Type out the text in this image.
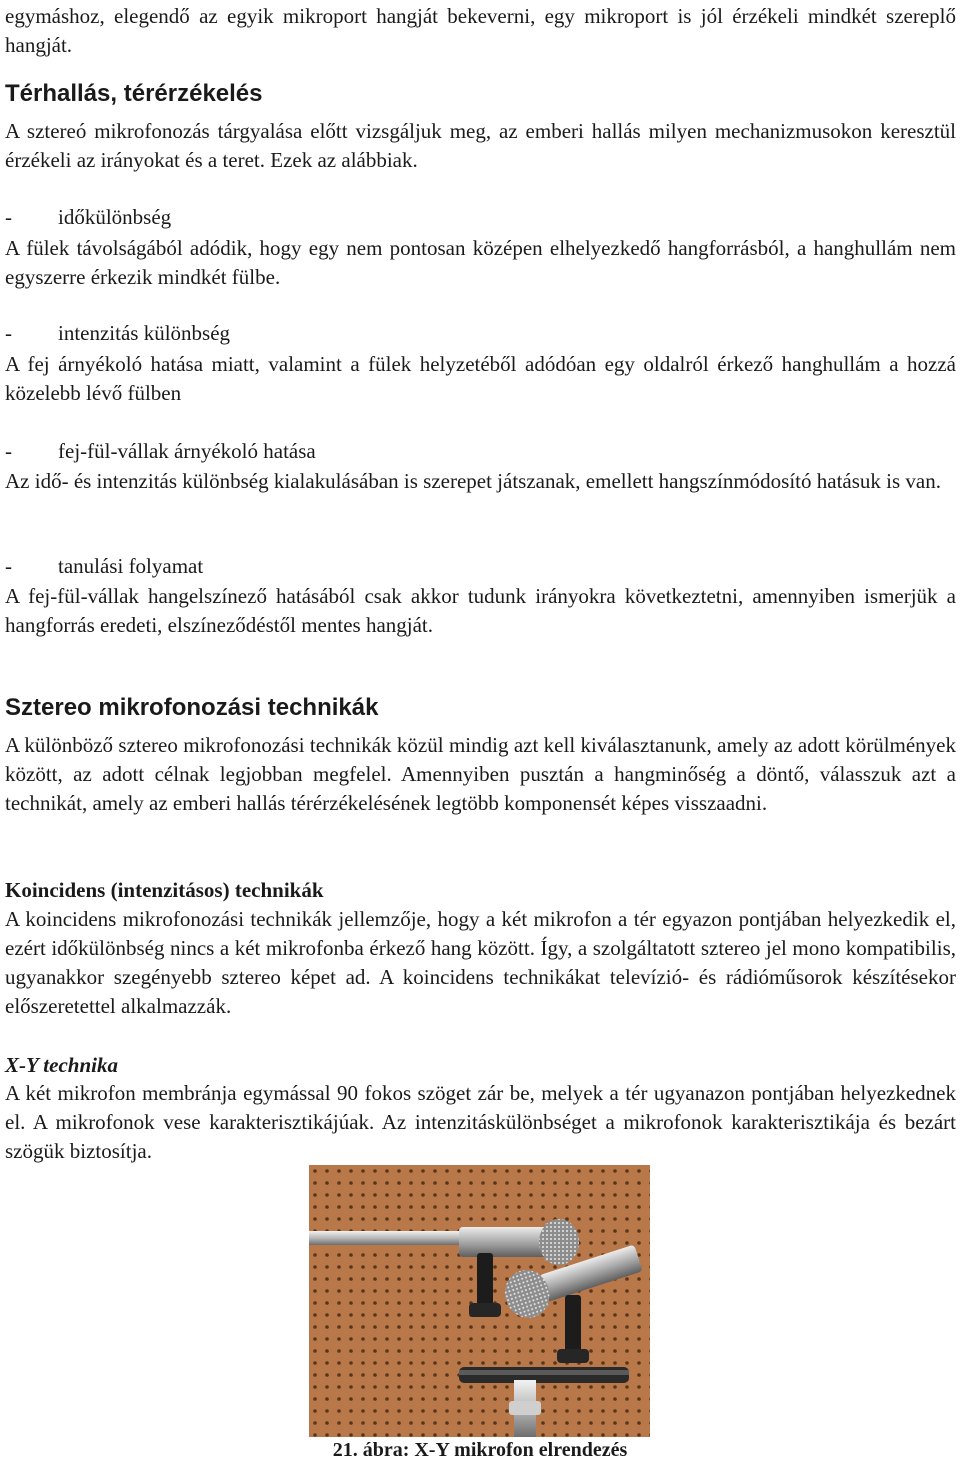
egymáshoz, elegendő az egyik mikroport hangját bekeverni, egy mikroport is jól érzékeli mindkét szereplő hangját.

Térhallás, térérzékelés

A sztereó mikrofonozás tárgyalása előtt vizsgáljuk meg, az emberi hallás milyen mechanizmusokon keresztül érzékeli az irányokat és a teret. Ezek az alábbiak.

- időkülönbség

A fülek távolságából adódik, hogy egy nem pontosan középen elhelyezkedő hangforrásból, a hanghullám nem egyszerre érkezik mindkét fülbe.

- intenzitás különbség

A fej árnyékoló hatása miatt, valamint a fülek helyzetéből adódóan egy oldalról érkező hanghullám a hozzá közelebb lévő fülben

- fej-fül-vállak árnyékoló hatása

Az idő- és intenzitás különbség kialakulásában is szerepet játszanak, emellett hangszínmódosító hatásuk is van.

- tanulási folyamat

A fej-fül-vállak hangelszínező hatásából csak akkor tudunk irányokra következtetni, amennyiben ismerjük a hangforrás eredeti, elszíneződéstől mentes hangját.

Sztereo mikrofonozási technikák

A különböző sztereo mikrofonozási technikák közül mindig azt kell kiválasztanunk, amely az adott körülmények között, az adott célnak legjobban megfelel. Amennyiben pusztán a hangminőség a döntő, válasszuk azt a technikát, amely az emberi hallás térérzékelésének legtöbb komponensét képes visszaadni.

Koincidens (intenzitásos) technikák

A koincidens mikrofonozási technikák jellemzője, hogy a két mikrofon a tér egyazon pontjában helyezkedik el, ezért időkülönbség nincs a két mikrofonba érkező hang között. Így, a szolgáltatott sztereo jel mono kompatibilis, ugyanakkor szegényebb sztereo képet ad. A koincidens technikákat televízió- és rádióműsorok készítésekor előszeretettel alkalmazzák.

X-Y technika

A két mikrofon membránja egymással 90 fokos szöget zár be, melyek a tér ugyanazon pontjában helyezkednek el. A mikrofonok vese karakterisztikájúak. Az intenzitáskülönbséget a mikrofonok karakterisztikája és bezárt szögük biztosítja.

21. ábra: X-Y mikrofon elrendezés
